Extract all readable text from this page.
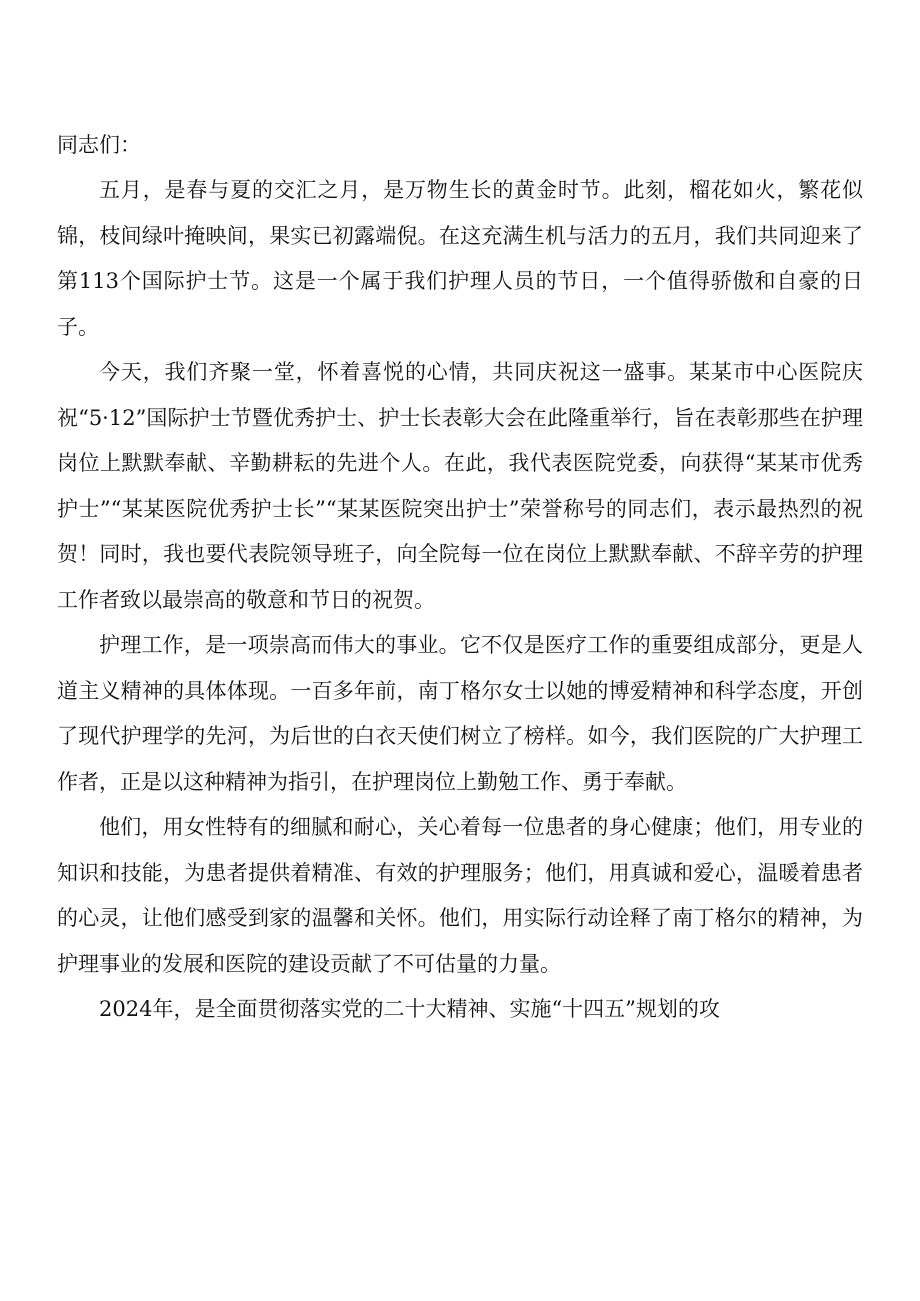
同志们：

五月，是春与夏的交汇之月，是万物生长的黄金时节。此刻，榴花如火，繁花似锦，枝间绿叶掩映间，果实已初露端倪。在这充满生机与活力的五月，我们共同迎来了第113个国际护士节。这是一个属于我们护理人员的节日，一个值得骄傲和自豪的日子。

今天，我们齐聚一堂，怀着喜悦的心情，共同庆祝这一盛事。某某市中心医院庆祝“5·12”国际护士节暨优秀护士、护士长表彰大会在此隆重举行，旨在表彰那些在护理岗位上默默奉献、辛勤耕耘的先进个人。在此，我代表医院党委，向获得“某某市优秀护士”“某某医院优秀护士长”“某某医院突出护士”荣誉称号的同志们，表示最热烈的祝贺！同时，我也要代表院领导班子，向全院每一位在岗位上默默奉献、不辞辛劳的护理工作者致以最崇高的敬意和节日的祝贺。

护理工作，是一项崇高而伟大的事业。它不仅是医疗工作的重要组成部分，更是人道主义精神的具体体现。一百多年前，南丁格尔女士以她的博爱精神和科学态度，开创了现代护理学的先河，为后世的白衣天使们树立了榜样。如今，我们医院的广大护理工作者，正是以这种精神为指引，在护理岗位上勤勉工作、勇于奉献。

他们，用女性特有的细腻和耐心，关心着每一位患者的身心健康；他们，用专业的知识和技能，为患者提供着精准、有效的护理服务；他们，用真诚和爱心，温暖着患者的心灵，让他们感受到家的温馨和关怀。他们，用实际行动诠释了南丁格尔的精神，为护理事业的发展和医院的建设贡献了不可估量的力量。

2024年，是全面贯彻落实党的二十大精神、实施“十四五”规划的攻
